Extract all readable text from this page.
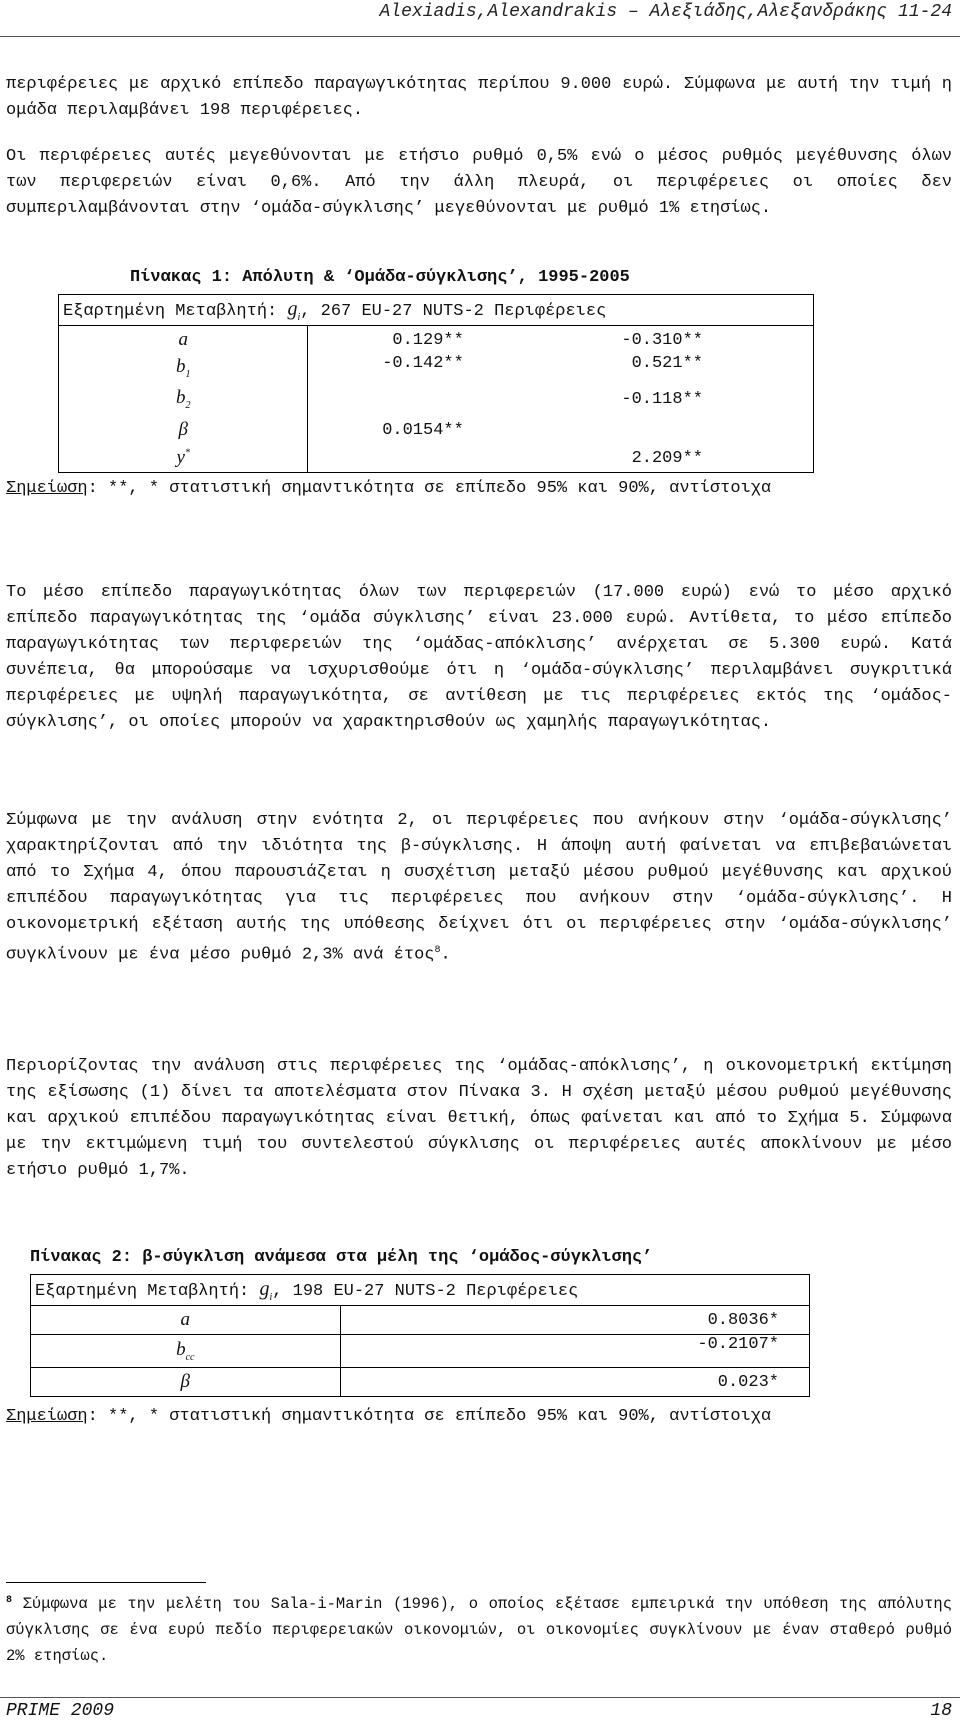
Alexiadis,Alexandrakis – Αλεξιάδης,Αλεξανδράκης 11-24

περιφέρειες με αρχικό επίπεδο παραγωγικότητας περίπου 9.000 ευρώ. Σύμφωνα με αυτή την τιμή η ομάδα περιλαμβάνει 198 περιφέρειες.

Οι περιφέρειες αυτές μεγεθύνονται με ετήσιο ρυθμό 0,5% ενώ ο μέσος ρυθμός μεγέθυνσης όλων των περιφερειών είναι 0,6%. Από την άλλη πλευρά, οι περιφέρειες οι οποίες δεν συμπεριλαμβάνονται στην ‘ομάδα-σύγκλισης’ μεγεθύνονται με ρυθμό 1% ετησίως.

Πίνακας 1: Απόλυτη & ‘Ομάδα-σύγκλισης’, 1995-2005
Εξαρτημένη Μεταβλητή: $g_i$, 267 EU-27 NUTS-2 Περιφέρειες		
a	0.129**	-0.310**
$b_1$	-0.142**	0.521**
$b_2$		-0.118**
β	0.0154**	
y*		2.209**
Σημείωση: **, * στατιστική σημαντικότητα σε επίπεδο 95% και 90%, αντίστοιχα

Το μέσο επίπεδο παραγωγικότητας όλων των περιφερειών (17.000 ευρώ) ενώ το μέσο αρχικό επίπεδο παραγωγικότητας της ‘ομάδα σύγκλισης’ είναι 23.000 ευρώ. Αντίθετα, το μέσο επίπεδο παραγωγικότητας των περιφερειών της ‘ομάδας-απόκλισης’ ανέρχεται σε 5.300 ευρώ. Κατά συνέπεια, θα μπορούσαμε να ισχυρισθούμε ότι η ‘ομάδα-σύγκλισης’ περιλαμβάνει συγκριτικά περιφέρειες με υψηλή παραγωγικότητα, σε αντίθεση με τις περιφέρειες εκτός της ‘ομάδος-σύγκλισης’, οι οποίες μπορούν να χαρακτηρισθούν ως χαμηλής παραγωγικότητας.

Σύμφωνα με την ανάλυση στην ενότητα 2, οι περιφέρειες που ανήκουν στην ‘ομάδα-σύγκλισης’ χαρακτηρίζονται από την ιδιότητα της β-σύγκλισης. Η άποψη αυτή φαίνεται να επιβεβαιώνεται από το Σχήμα 4, όπου παρουσιάζεται η συσχέτιση μεταξύ μέσου ρυθμού μεγέθυνσης και αρχικού επιπέδου παραγωγικότητας για τις περιφέρειες που ανήκουν στην ‘ομάδα-σύγκλισης’. Η οικονομετρική εξέταση αυτής της υπόθεσης δείχνει ότι οι περιφέρειες στην ‘ομάδα-σύγκλισης’ συγκλίνουν με ένα μέσο ρυθμό 2,3% ανά έτος$^8$.

Περιορίζοντας την ανάλυση στις περιφέρειες της ‘ομάδας-απόκλισης’, η οικονομετρική εκτίμηση της εξίσωσης (1) δίνει τα αποτελέσματα στον Πίνακα 3. Η σχέση μεταξύ μέσου ρυθμού μεγέθυνσης και αρχικού επιπέδου παραγωγικότητας είναι θετική, όπως φαίνεται και από το Σχήμα 5. Σύμφωνα με την εκτιμώμενη τιμή του συντελεστού σύγκλισης οι περιφέρειες αυτές αποκλίνουν με μέσο ετήσιο ρυθμό 1,7%.

Πίνακας 2: β-σύγκλιση ανάμεσα στα μέλη της ‘ομάδος-σύγκλισης’
Εξαρτημένη Μεταβλητή: $g_i$, 198 EU-27 NUTS-2 Περιφέρειες	
a	0.8036*
$b_{cc}$	-0.2107*
β	0.023*
Σημείωση: **, * στατιστική σημαντικότητα σε επίπεδο 95% και 90%, αντίστοιχα
$^8$ Σύμφωνα με την μελέτη του Sala-i-Marin (1996), ο οποίος εξέτασε εμπειρικά την υπόθεση της απόλυτης σύγκλισης σε ένα ευρύ πεδίο περιφερειακών οικονομιών, οι οικονομίες συγκλίνουν με έναν σταθερό ρυθμό 2% ετησίως.
PRIME 2009	18
